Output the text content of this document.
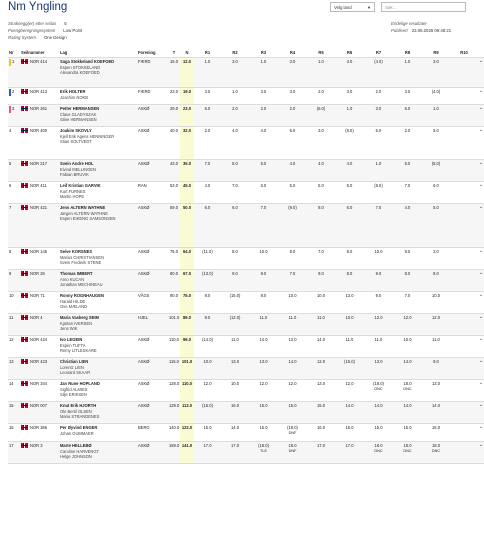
Nm Yngling	Velg land	▼	Søk...
Straknegg(er) etter seilas 5
Poengberegningssystem Low Point
Rating System One Design
Endelige resultater
Publisert 23.06.2025 09:48:21
Nr	Seilnummer	Lag	Forening	T	N	R1	R2	R3	R4	R5	R6	R7	R8	R9	R10	
1	NOR 414	Saga Stokkeland KOEFOED
Espen STOKKELAND
Alexandra KOEFOED	FÆRD	16.0	12.0	1.0	3.0	1.0	3.0	1.0	3.0	(4.0)	1.0	3.0		⌄
2	NOR 413	Erik HOLTER
Joachim NOKB	FÆRD	23.0	19.0	3.0	1.0	3.0	3.0	2.0	3.0	2.0	3.0	(4.0)		⌄
3	NOR 261	Petter HERMANSEN
Claus GLADYSZAK
Stine HERMANSEN	ASKØ	29.0	23.0	6.0	2.0	2.0	2.0	(6.0)	1.0	3.0	6.0	1.0		⌄
4	NOR 400	Joakim SKOVLY
Kjell Erik Agens HENNINGER
Stian SOLTVEDT	ASKØ	40.0	32.0	2.0	4.0	4.0	6.0	3.0	(8.0)	6.0	2.0	5.0		⌄
5	NOR 217	Svein Andre HOL
Eivind MELLINGEN
Fabian BRUVIK	ASKØ	43.0	35.0	7.0	5.0	5.0	4.0	4.0	4.0	1.0	5.0	(8.0)		⌄
6	NOR 411	Leif Kristian GARVIK
Kurt FURNES
Martin HOPE	RAN	53.0	45.0	4.0	7.0	6.0	5.0	5.0	5.0	(8.0)	7.0	6.0		⌄
7	NOR 421	Jens ALTERN WATHNE
Jørgen ALTERN WATHNE
Espen EIKENG SAMSONSEN	ASKØ	59.0	50.0	6.0	6.0	7.0	(9.0)	8.0	6.0	7.0	4.0	5.0		⌄
8	NOR 145	Seive KORSNES
Marius CHRISTIANSEN
Svein Frederik STENE	ASKØ	75.0	64.0	(11.0)	8.0	10.0	8.0	7.0	9.0	10.0	9.0	3.0		⌄
9	NOR 26	Thomas IMBERT
Arno KUCAN
Jonathan MECHINEAU	ASKØ	80.0	67.0	(13.0)	9.0	9.0	7.0	9.0	8.0	9.0	8.0	8.0		⌄
10	NOR 71	Ronny ROGNHAUGEN
Harald HILDE
Ove MÆLAND	VÅGS	90.0	75.0	8.0	(15.0)	8.0	10.0	10.0	13.0	9.0	7.0	10.0		⌄
11	NOR 4	Maria Vasberg SEIM
Kjartan IVERSEN
Jens WIK	HJEL	101.0	89.0	9.0	(12.0)	11.0	11.0	11.0	10.0	12.0	12.0	12.0		⌄
12	NOR 424	Ivo LEGEIN
Espen TUFTA
Remy LITLESKARE	ASKØ	110.0	96.0	(14.0)	11.0	14.0	13.0	14.0	11.0	11.0	10.0	11.0		⌄
13	NOR 423	Christian LIEN
Lorentz LIEN
Leonard SKAAR	ASKØ	116.0	101.0	10.0	13.0	13.0	14.0	12.0	(15.0)	13.0	14.0	9.0		⌄
14	NOR 344	Jan Rune HOPLAND
Sigfrid ALMIES
Silje ERIKSEN	ASKØ	128.0	110.0	12.0	10.0	12.0	12.0	13.0	12.0	(18.0)
DNC	18.0
DNC	13.0		⌄
15	NOR 007	Knut Erik HJORTH
Ole Bertil OLSEN
Maria STRANDENES	ASKØ	129.0	113.0	(16.0)	16.0	15.0	15.0	15.0	14.0	14.0	14.0	14.0		⌄
16	NOR 366	Per Øyvind ENGER
Johan GUMMAER	BERG	140.0	122.0	15.0	14.0	16.0	(18.0)
DNF	16.0	16.0	15.0	15.0	15.0		⌄
17	NOR 3	Marte HELLEBØ
Caroline HARVENGT
Helge JOHNSON	ASKØ	159.0	141.0	17.0	17.0	(18.0)
TLE	18.0
DNF	17.0	17.0	18.0
DNC	18.0
DNC	18.0
DNC		⌄
